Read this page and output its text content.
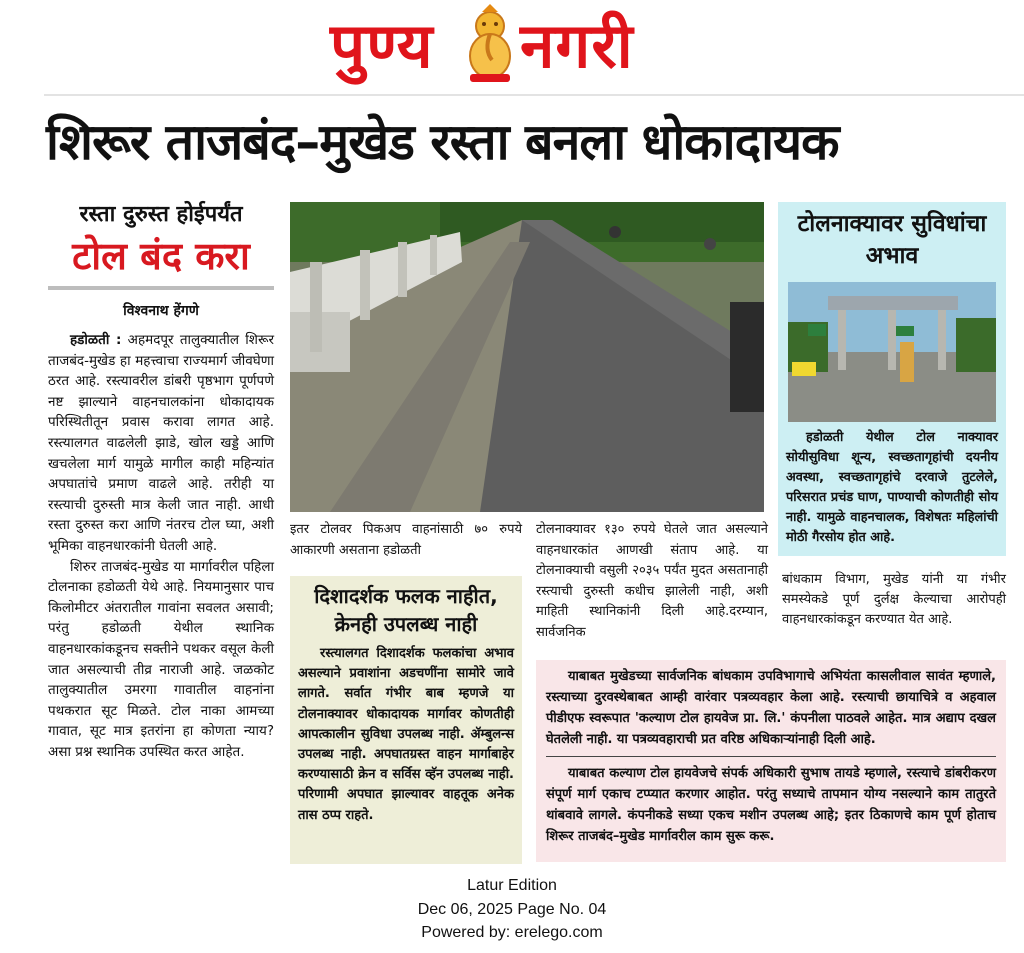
पुण्य नगरी
शिरूर ताजबंद–मुखेड रस्ता बनला धोकादायक
रस्ता दुरुस्त होईपर्यंत
टोल बंद करा
विश्वनाथ हेंगणे

हडोळती : अहमदपूर तालुक्यातील शिरूर ताजबंद-मुखेड हा महत्त्वाचा राज्यमार्ग जीवघेणा ठरत आहे. रस्त्यावरील डांबरी पृष्ठभाग पूर्णपणे नष्ट झाल्याने वाहनचालकांना धोकादायक परिस्थितीतून प्रवास करावा लागत आहे. रस्त्यालगत वाढलेली झाडे, खोल खड्डे आणि खचलेला मार्ग यामुळे मागील काही महिन्यांत अपघातांचे प्रमाण वाढले आहे. तरीही या रस्त्याची दुरुस्ती मात्र केली जात नाही. आधी रस्ता दुरुस्त करा आणि नंतरच टोल घ्या, अशी भूमिका वाहनधारकांनी घेतली आहे.

शिरुर ताजबंद-मुखेड या मार्गावरील पहिला टोलनाका हडोळती येथे आहे. नियमानुसार पाच किलोमीटर अंतरातील गावांना सवलत असावी; परंतु हडोळती येथील स्थानिक वाहनधारकांकडूनच सक्तीने पथकर वसूल केली जात असल्याची तीव्र नाराजी आहे. जळकोट तालुक्यातील उमरगा गावातील वाहनांना पथकरात सूट मिळते. टोल नाका आमच्या गावात, सूट मात्र इतरांना हा कोणता न्याय? असा प्रश्न स्थानिक उपस्थित करत आहेत.

इतर टोलवर पिकअप वाहनांसाठी ७० रुपये आकारणी असताना हडोळती
टोलनाक्यावर १३० रुपये घेतले जात असल्याने वाहनधारकांत आणखी संताप आहे. या टोलनाक्याची वसुली २०३५ पर्यंत मुदत असतानाही रस्त्याची दुरुस्ती कधीच झालेली नाही, अशी माहिती स्थानिकांनी दिली आहे.दरम्यान, सार्वजनिक
दिशादर्शक फलक नाहीत, क्रेनही उपलब्ध नाही
रस्त्यालगत दिशादर्शक फलकांचा अभाव असल्याने प्रवाशांना अडचणींना सामोरे जावे लागते. सर्वात गंभीर बाब म्हणजे या टोलनाक्यावर धोकादायक मार्गावर कोणतीही आपत्कालीन सुविधा उपलब्ध नाही. ॲम्बुलन्स उपलब्ध नाही. अपघातग्रस्त वाहन मार्गाबाहेर करण्यासाठी क्रेन व सर्विस व्हॅन उपलब्ध नाही. परिणामी अपघात झाल्यावर वाहतूक अनेक तास ठप्प राहते.
टोलनाक्यावर सुविधांचा अभाव
हडोळती येथील टोल नाक्यावर सोयीसुविधा शून्य, स्वच्छतागृहांची दयनीय अवस्था, स्वच्छतागृहांचे दरवाजे तुटलेले, परिसरात प्रचंड घाण, पाण्याची कोणतीही सोय नाही. यामुळे वाहनचालक, विशेषतः महिलांची मोठी गैरसोय होत आहे.
बांधकाम विभाग, मुखेड यांनी या गंभीर समस्येकडे पूर्ण दुर्लक्ष केल्याचा आरोपही वाहनधारकांकडून करण्यात येत आहे.

याबाबत मुखेडच्या सार्वजनिक बांधकाम उपविभागाचे अभियंता कासलीवाल सावंत म्हणाले, रस्त्याच्या दुरवस्थेबाबत आम्ही वारंवार पत्रव्यवहार केला आहे. रस्त्याची छायाचित्रे व अहवाल पीडीएफ स्वरूपात 'कल्याण टोल हायवेज प्रा. लि.' कंपनीला पाठवले आहेत. मात्र अद्याप दखल घेतलेली नाही. या पत्रव्यवहाराची प्रत वरिष्ठ अधिकाऱ्यांनाही दिली आहे.

याबाबत कल्याण टोल हायवेजचे संपर्क अधिकारी सुभाष तायडे म्हणाले, रस्त्याचे डांबरीकरण संपूर्ण मार्ग एकाच टप्प्यात करणार आहोत. परंतु सध्याचे तापमान योग्य नसल्याने काम तातुरते थांबवावे लागले. कंपनीकडे सध्या एकच मशीन उपलब्ध आहे; इतर ठिकाणचे काम पूर्ण होताच शिरूर ताजबंद–मुखेड मार्गावरील काम सुरू करू.

Latur Edition
Dec 06, 2025 Page No. 04
Powered by: erelego.com
